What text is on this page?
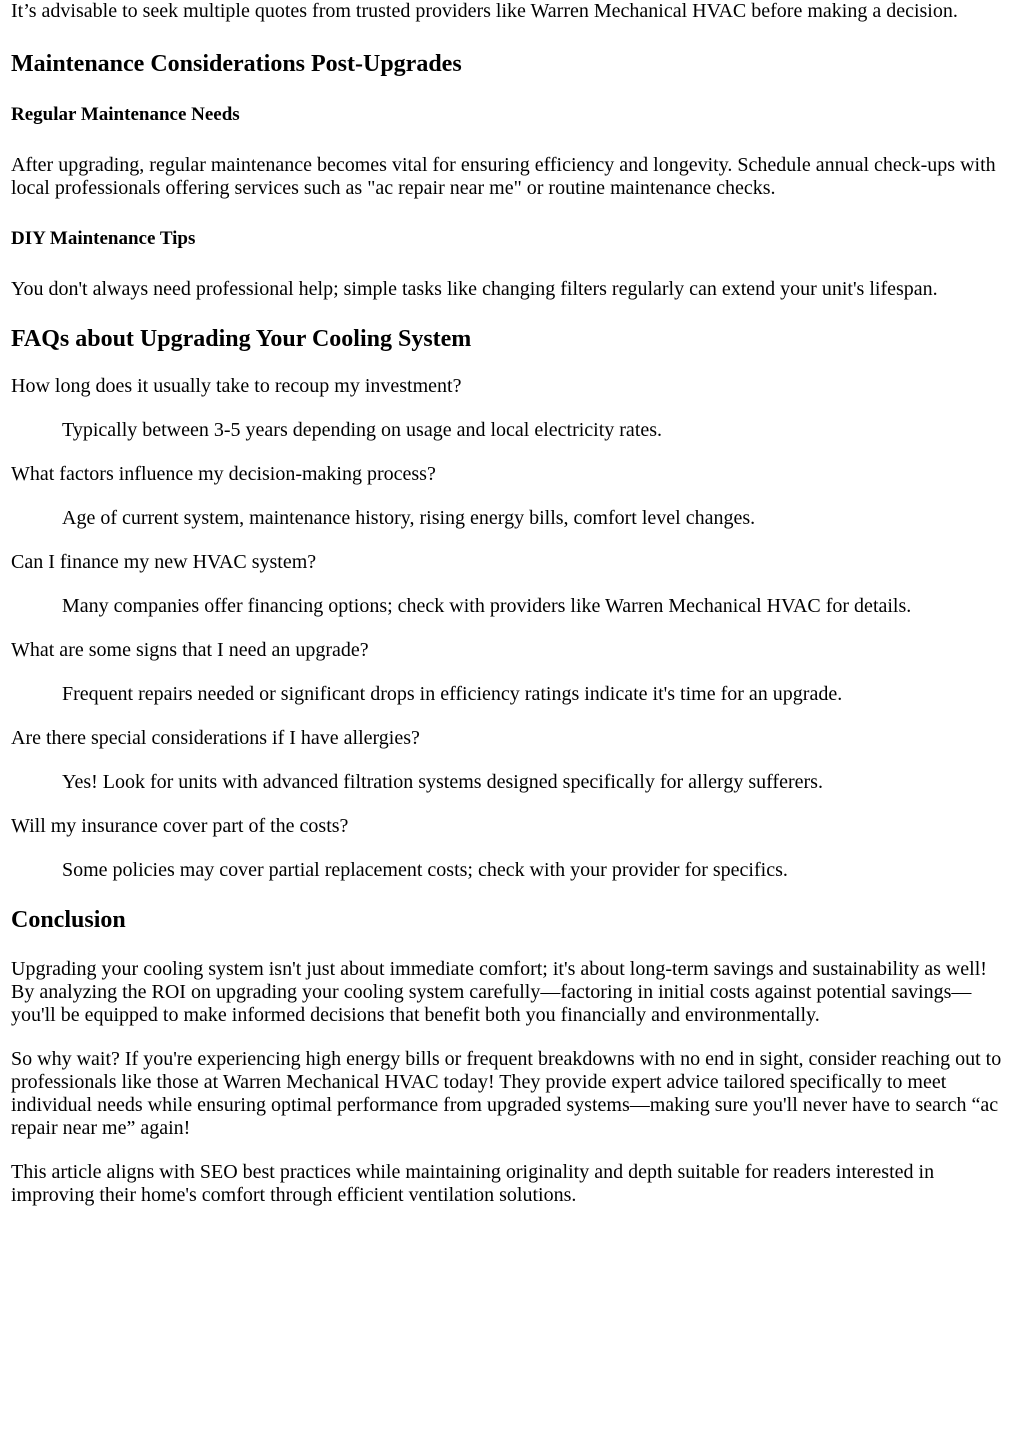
It’s advisable to seek multiple quotes from trusted providers like Warren Mechanical HVAC before making a decision.

Maintenance Considerations Post-Upgrades
Regular Maintenance Needs

After upgrading, regular maintenance becomes vital for ensuring efficiency and longevity. Schedule annual check-ups with local professionals offering services such as "ac repair near me" or routine maintenance checks.

DIY Maintenance Tips

You don't always need professional help; simple tasks like changing filters regularly can extend your unit's lifespan.

FAQs about Upgrading Your Cooling System

How long does it usually take to recoup my investment?

Typically between 3-5 years depending on usage and local electricity rates.

What factors influence my decision-making process?

Age of current system, maintenance history, rising energy bills, comfort level changes.

Can I finance my new HVAC system?

Many companies offer financing options; check with providers like Warren Mechanical HVAC for details.

What are some signs that I need an upgrade?

Frequent repairs needed or significant drops in efficiency ratings indicate it's time for an upgrade.

Are there special considerations if I have allergies?

Yes! Look for units with advanced filtration systems designed specifically for allergy sufferers.

Will my insurance cover part of the costs?

Some policies may cover partial replacement costs; check with your provider for specifics.

Conclusion

Upgrading your cooling system isn't just about immediate comfort; it's about long-term savings and sustainability as well! By analyzing the ROI on upgrading your cooling system carefully—factoring in initial costs against potential savings—you'll be equipped to make informed decisions that benefit both you financially and environmentally.

So why wait? If you're experiencing high energy bills or frequent breakdowns with no end in sight, consider reaching out to professionals like those at Warren Mechanical HVAC today! They provide expert advice tailored specifically to meet individual needs while ensuring optimal performance from upgraded systems—making sure you'll never have to search “ac repair near me” again!

This article aligns with SEO best practices while maintaining originality and depth suitable for readers interested in improving their home's comfort through efficient ventilation solutions.
